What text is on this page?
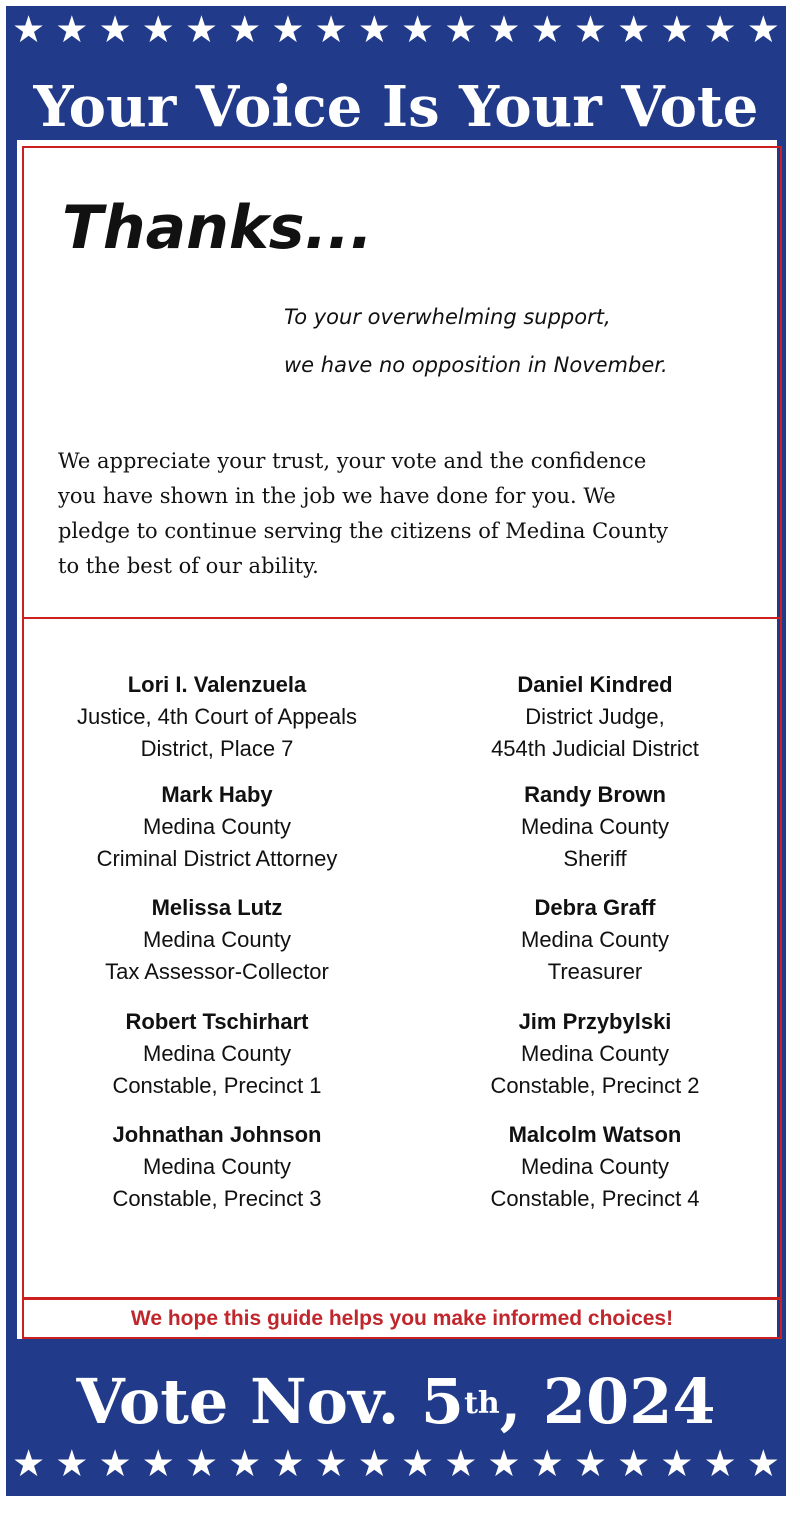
★ ★ ★ ★ ★ ★ ★ ★ ★ ★ ★ ★ ★ ★ ★ ★ ★ ★
Your Voice Is Your Vote
Vote Nov. 5th, 2024
★ ★ ★ ★ ★ ★ ★ ★ ★ ★ ★ ★ ★ ★ ★ ★ ★ ★
Thanks...
To your overwhelming support,
we have no opposition in November.
We appreciate your trust, your vote and the confidence
you have shown in the job we have done for you. We
pledge to continue serving the citizens of Medina County
to the best of our ability.
Lori I. Valenzuela
Justice, 4th Court of Appeals
District, Place 7
Daniel Kindred
District Judge,
454th Judicial District
Mark Haby
Medina County
Criminal District Attorney
Randy Brown
Medina County
Sheriff
Melissa Lutz
Medina County
Tax Assessor-Collector
Debra Graff
Medina County
Treasurer
Robert Tschirhart
Medina County
Constable, Precinct 1
Jim Przybylski
Medina County
Constable, Precinct 2
Johnathan Johnson
Medina County
Constable, Precinct 3
Malcolm Watson
Medina County
Constable, Precinct 4
We hope this guide helps you make informed choices!
